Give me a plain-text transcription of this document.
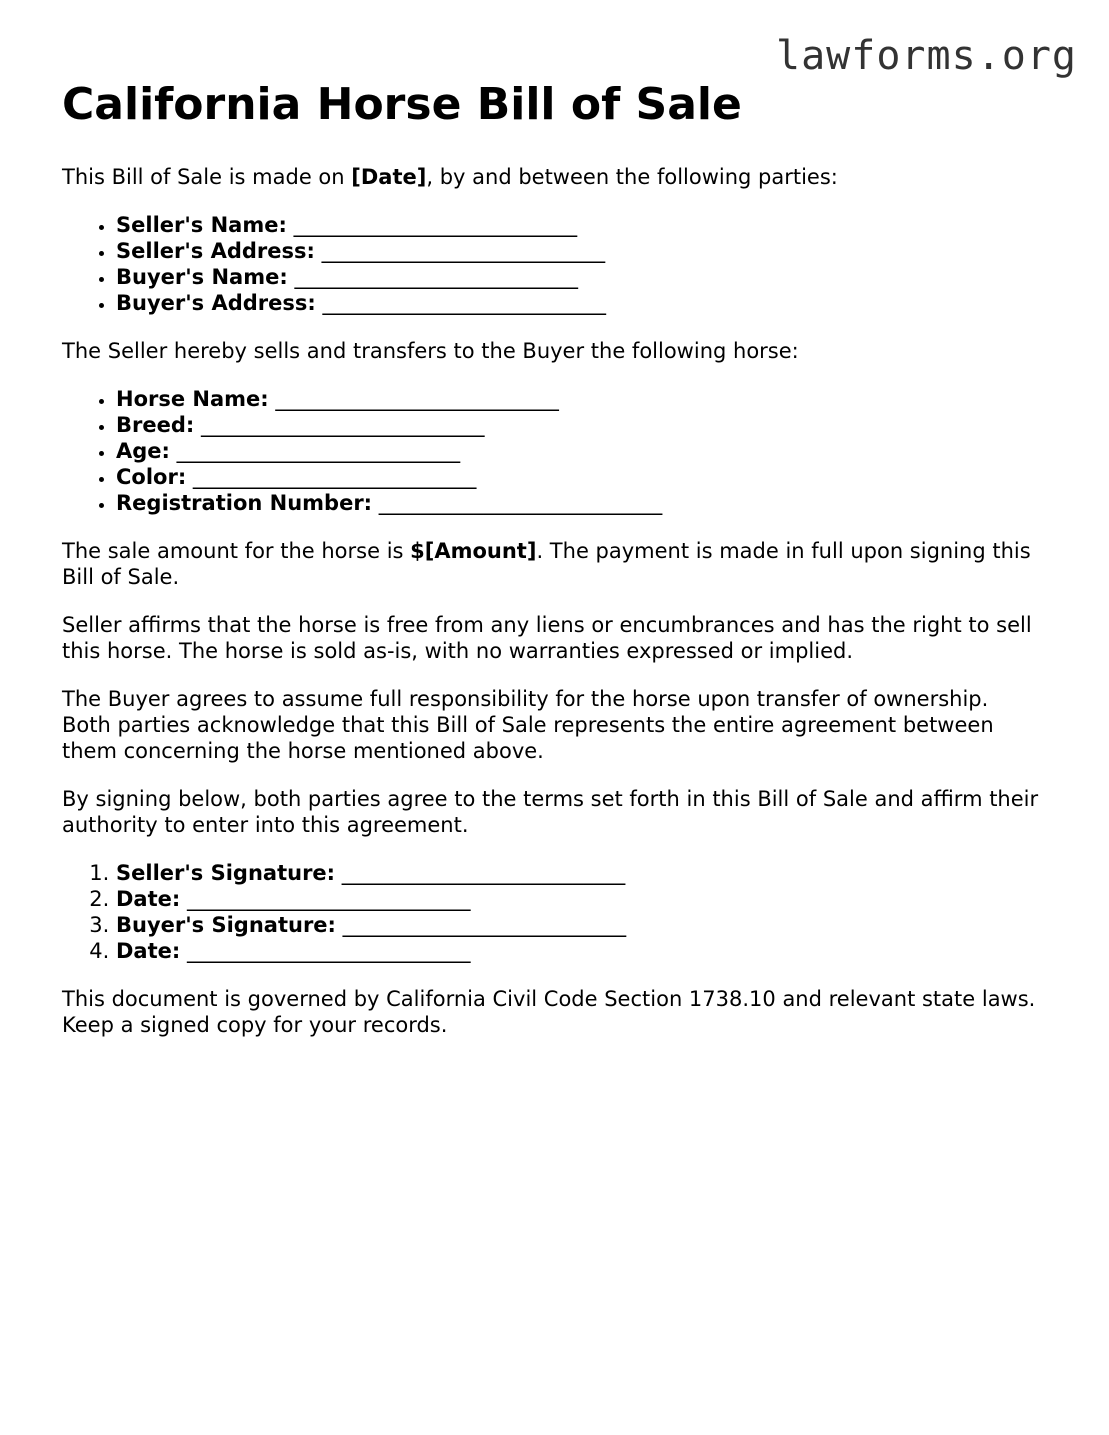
lawforms.org
California Horse Bill of Sale

This Bill of Sale is made on [Date], by and between the following parties:

• Seller's Name: ___________________________
• Seller's Address: ___________________________
• Buyer's Name: ___________________________
• Buyer's Address: ___________________________

The Seller hereby sells and transfers to the Buyer the following horse:

• Horse Name: ___________________________
• Breed: ___________________________
• Age: ___________________________
• Color: ___________________________
• Registration Number: ___________________________

The sale amount for the horse is $[Amount]. The payment is made in full upon signing this Bill of Sale.

Seller affirms that the horse is free from any liens or encumbrances and has the right to sell this horse. The horse is sold as-is, with no warranties expressed or implied.

The Buyer agrees to assume full responsibility for the horse upon transfer of ownership. Both parties acknowledge that this Bill of Sale represents the entire agreement between them concerning the horse mentioned above.

By signing below, both parties agree to the terms set forth in this Bill of Sale and affirm their authority to enter into this agreement.

1. Seller's Signature: ___________________________
2. Date: ___________________________
3. Buyer's Signature: ___________________________
4. Date: ___________________________

This document is governed by California Civil Code Section 1738.10 and relevant state laws. Keep a signed copy for your records.
